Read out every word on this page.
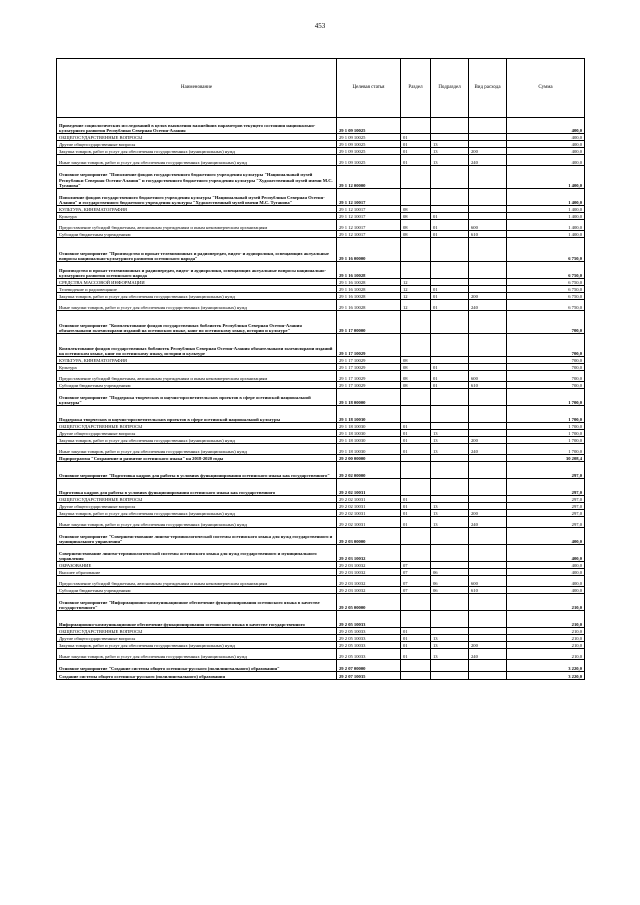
453
Наименование	Целевая статья	Раздел	Подраздел	Вид расхода	Сумма
Проведение социологических исследований в целях выявления важнейших параметров текущего состояния национально-культурного развития Республики Северная Осетия-Алания	29 1 09 10025				400,0
ОБЩЕГОСУДАРСТВЕННЫЕ ВОПРОСЫ	29 1 09 10025	01			400,0
Другие общегосударственные вопросы	29 1 09 10025	01	13		400,0
Закупка товаров, работ и услуг для обеспечения государственных (муниципальных) нужд	29 1 09 10025	01	13	200	400,0
Иные закупки товаров, работ и услуг для обеспечения государственных (муниципальных) нужд	29 1 09 10025	01	13	240	400,0
Основное мероприятие "Пополнение фондов государственного бюджетного учреждения культуры "Национальный музей Республики Северная Осетия-Алания" и государственного бюджетного учреждения культуры "Художественный музей имени М.С. Туганова"	29 1 12 00000				1 400,0
Пополнение фондов государственного бюджетного учреждения культуры "Национальный музей Республики Северная Осетия-Алания" и государственного бюджетного учреждения культуры "Художественный музей имени М.С. Туганова"	29 1 12 10017				1 400,0
КУЛЬТУРА, КИНЕМАТОГРАФИЯ	29 1 12 10017	08			1 400,0
Культура	29 1 12 10017	08	01		1 400,0
Предоставление субсидий бюджетным, автономным учреждениям и иным некоммерческим организациям	29 1 12 10017	08	01	600	1 400,0
Субсидии бюджетным учреждениям	29 1 12 10017	08	01	610	1 400,0
Основное мероприятие "Производство и прокат телевизионных и радиопередач, видео- и аудиоролики, освещающих актуальные вопросы национально-культурного развития осетинского народа"	29 1 16 00000				6 750,0
Производство и прокат телевизионных и радиопередач, видео- и аудиоролики, освещающих актуальные вопросы национально-культурного развития осетинского народа	29 1 16 10028				6 750,0
СРЕДСТВА МАССОВОЙ ИНФОРМАЦИИ	29 1 16 10028	12			6 750,0
Телевидение и радиовещание	29 1 16 10028	12	01		6 750,0
Закупка товаров, работ и услуг для обеспечения государственных (муниципальных) нужд	29 1 16 10028	12	01	200	6 750,0
Иные закупки товаров, работ и услуг для обеспечения государственных (муниципальных) нужд	29 1 16 10028	12	01	240	6 750,0
Основное мероприятие "Комплектование фондов государственных библиотек Республики Северная Осетия-Алания обязательными экземплярами изданий на осетинском языке, книг по осетинскому языку, истории и культуре"	29 1 17 00000				700,0
Комплектование фондов государственных библиотек Республики Северная Осетия-Алания обязательными экземплярами изданий на осетинском языке, книг по осетинскому языку, истории и культуре	29 1 17 10029				700,0
КУЛЬТУРА, КИНЕМАТОГРАФИЯ	29 1 17 10029	08			700,0
Культура	29 1 17 10029	08	01		700,0
Предоставление субсидий бюджетным, автономным учреждениям и иным некоммерческим организациям	29 1 17 10029	08	01	600	700,0
Субсидии бюджетным учреждениям	29 1 17 10029	08	01	610	700,0
Основное мероприятие "Поддержка творческих и научно-просветительских проектов в сфере осетинской национальной культуры"	29 1 18 00000				1 700,0
Поддержка творческих и научно-просветительских проектов в сфере осетинской национальной культуры	29 1 18 10030				1 700,0
ОБЩЕГОСУДАРСТВЕННЫЕ ВОПРОСЫ	29 1 18 10030	01			1 700,0
Другие общегосударственные вопросы	29 1 18 10030	01	13		1 700,0
Закупка товаров, работ и услуг для обеспечения государственных (муниципальных) нужд	29 1 18 10030	01	13	200	1 700,0
Иные закупки товаров, работ и услуг для обеспечения государственных (муниципальных) нужд	29 1 18 10030	01	13	240	1 700,0
Подпрограмма "Сохранение и развитие осетинского языка" на 2018-2020 годы	29 2 00 00000				30 208,4
Основное мероприятие "Подготовка кадров для работы в условиях функционирования осетинского языка как государственного"	29 2 02 00000				297,0
Подготовка кадров для работы в условиях функционирования осетинского языка как государственного	29 2 02 10031				297,0
ОБЩЕГОСУДАРСТВЕННЫЕ ВОПРОСЫ	29 2 02 10031	01			297,0
Другие общегосударственные вопросы	29 2 02 10031	01	13		297,0
Закупка товаров, работ и услуг для обеспечения государственных (муниципальных) нужд	29 2 02 10031	01	13	200	297,0
Иные закупки товаров, работ и услуг для обеспечения государственных (муниципальных) нужд	29 2 02 10031	01	13	240	297,0
Основное мероприятие "Совершенствование лингво-терминологической системы осетинского языка для нужд государственного и муниципального управления"	29 2 03 00000				400,0
Совершенствование лингво-терминологической системы осетинского языка для нужд государственного и муниципального управления	29 2 03 10032				400,0
ОБРАЗОВАНИЕ	29 2 03 10032	07			400,0
Высшее образование	29 2 03 10032	07	06		400,0
Предоставление субсидий бюджетным, автономным учреждениям и иным некоммерческим организациям	29 2 03 10032	07	06	600	400,0
Субсидии бюджетным учреждениям	29 2 03 10032	07	06	610	400,0
Основное мероприятие "Информационно-коммуникационное обеспечение функционирования осетинского языка в качестве государственного"	29 2 05 00000				210,0
Информационно-коммуникационное обеспечение функционирования осетинского языка в качестве государственного	29 2 05 10033				210,0
ОБЩЕГОСУДАРСТВЕННЫЕ ВОПРОСЫ	29 2 05 10033	01			210,0
Другие общегосударственные вопросы	29 2 05 10033	01	13		210,0
Закупка товаров, работ и услуг для обеспечения государственных (муниципальных) нужд	29 2 05 10033	01	13	200	210,0
Иные закупки товаров, работ и услуг для обеспечения государственных (муниципальных) нужд	29 2 05 10033	01	13	240	210,0
Основное мероприятие "Создание системы общего осетинско-русского (полилингвального) образования"	29 2 07 00000				3 220,0
Создание системы общего осетинско-русского (полилингвального) образования	29 2 07 10035				3 220,0
